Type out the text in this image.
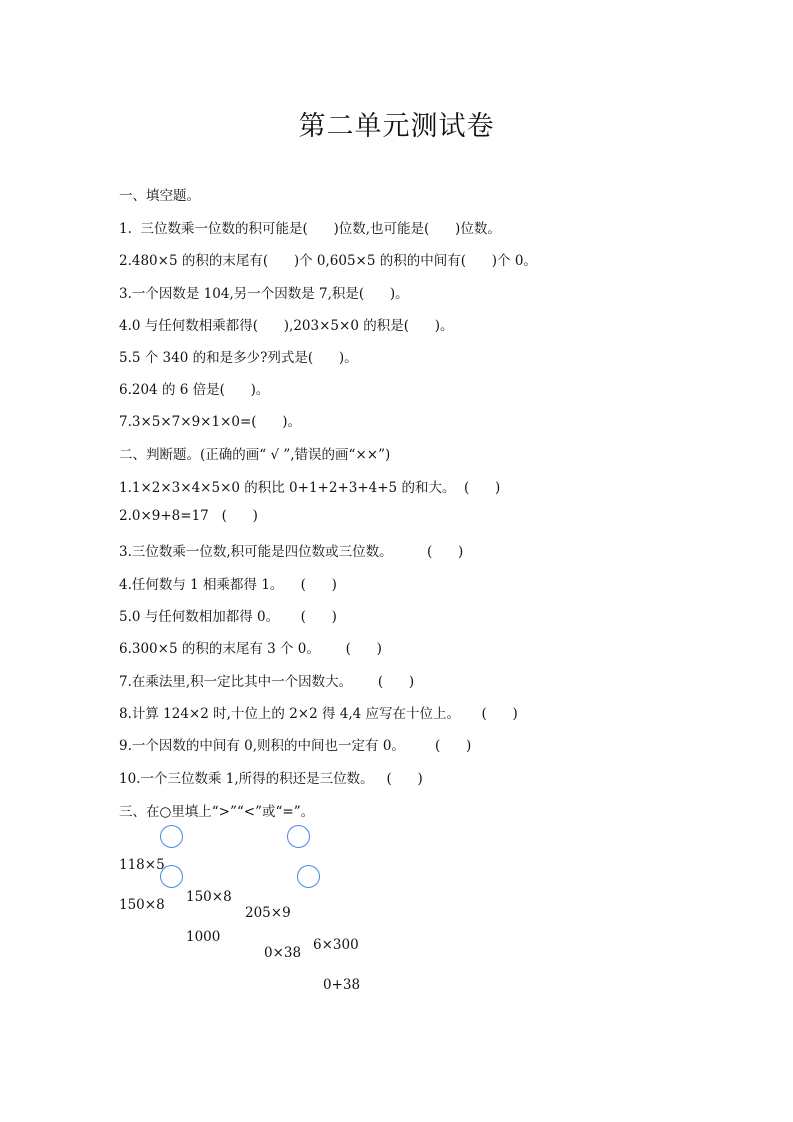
第二单元测试卷
一、填空题。
1.  三位数乘一位数的积可能是(      )位数,也可能是(      )位数。
2.480×5 的积的末尾有(      )个 0,605×5 的积的中间有(      )个 0。
3.一个因数是 104,另一个因数是 7,积是(      )。
4.0 与任何数相乘都得(      ),203×5×0 的积是(      )。
5.5 个 340 的和是多少?列式是(      )。
6.204 的 6 倍是(      )。
7.3×5×7×9×1×0=(      )。
二、判断题。(正确的画“ √ ”,错误的画“××”)
1.1×2×3×4×5×0 的积比 0+1+2+3+4+5 的和大。  (      )
2.0×9+8=17   (      )
3.三位数乘一位数,积可能是四位数或三位数。        (      )
4.任何数与 1 相乘都得 1。    (      )
5.0 与任何数相加都得 0。     (      )
6.300×5 的积的末尾有 3 个 0。      (      )
7.在乘法里,积一定比其中一个因数大。      (      )
8.计算 124×2 时,十位上的 2×2 得 4,4 应写在十位上。     (      )
9.一个因数的中间有 0,则积的中间也一定有 0。       (      )
10.一个三位数乘 1,所得的积还是三位数。   (      )
三、在○里填上“>”“<”或“=”。

118×5

150×8

205×9

6×300

150×8

1000

0×38

0+38
